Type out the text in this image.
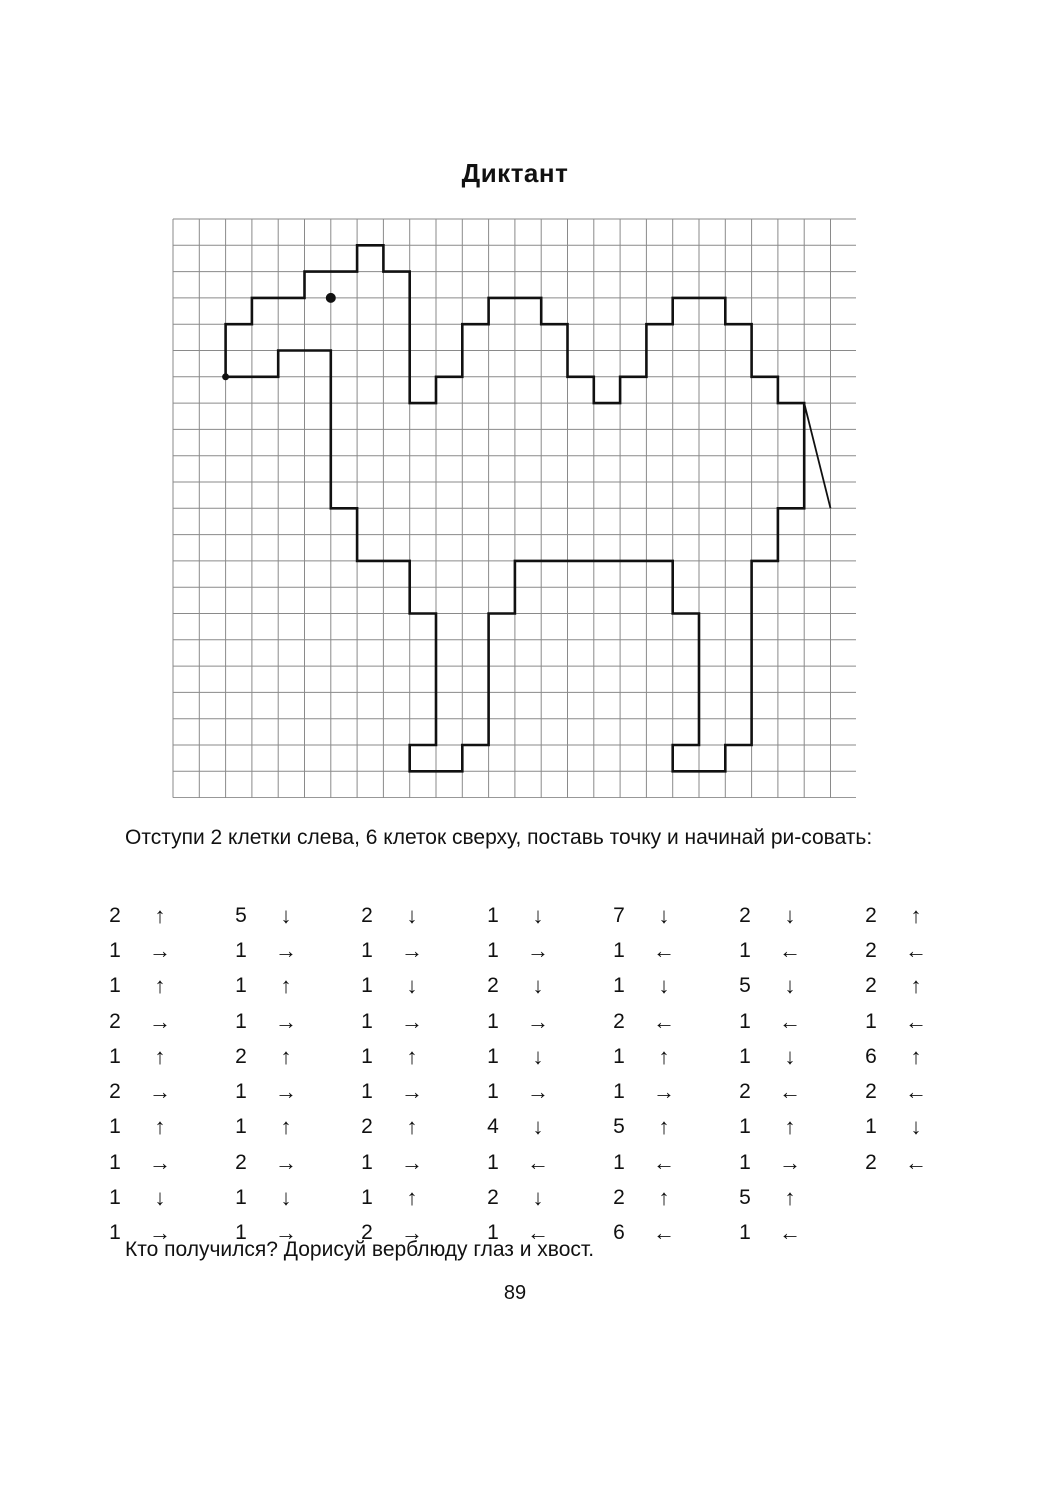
Диктант
Отступи 2 клетки слева, 6 клеток сверху, поставь точку и начинай ри-совать:
2	↑
1	→
1	↑
2	→
1	↑
2	→
1	↑
1	→
1	↓
1	→
5	↓
1	→
1	↑
1	→
2	↑
1	→
1	↑
2	→
1	↓
1	→
2	↓
1	→
1	↓
1	→
1	↑
1	→
2	↑
1	→
1	↑
2	→
1	↓
1	→
2	↓
1	→
1	↓
1	→
4	↓
1	←
2	↓
1	←
7	↓
1	←
1	↓
2	←
1	↑
1	→
5	↑
1	←
2	↑
6	←
2	↓
1	←
5	↓
1	←
1	↓
2	←
1	↑
1	→
5	↑
1	←
2	↑
2	←
2	↑
1	←
6	↑
2	←
1	↓
2	←
Кто получился? Дорисуй верблюду глаз и хвост.
89
